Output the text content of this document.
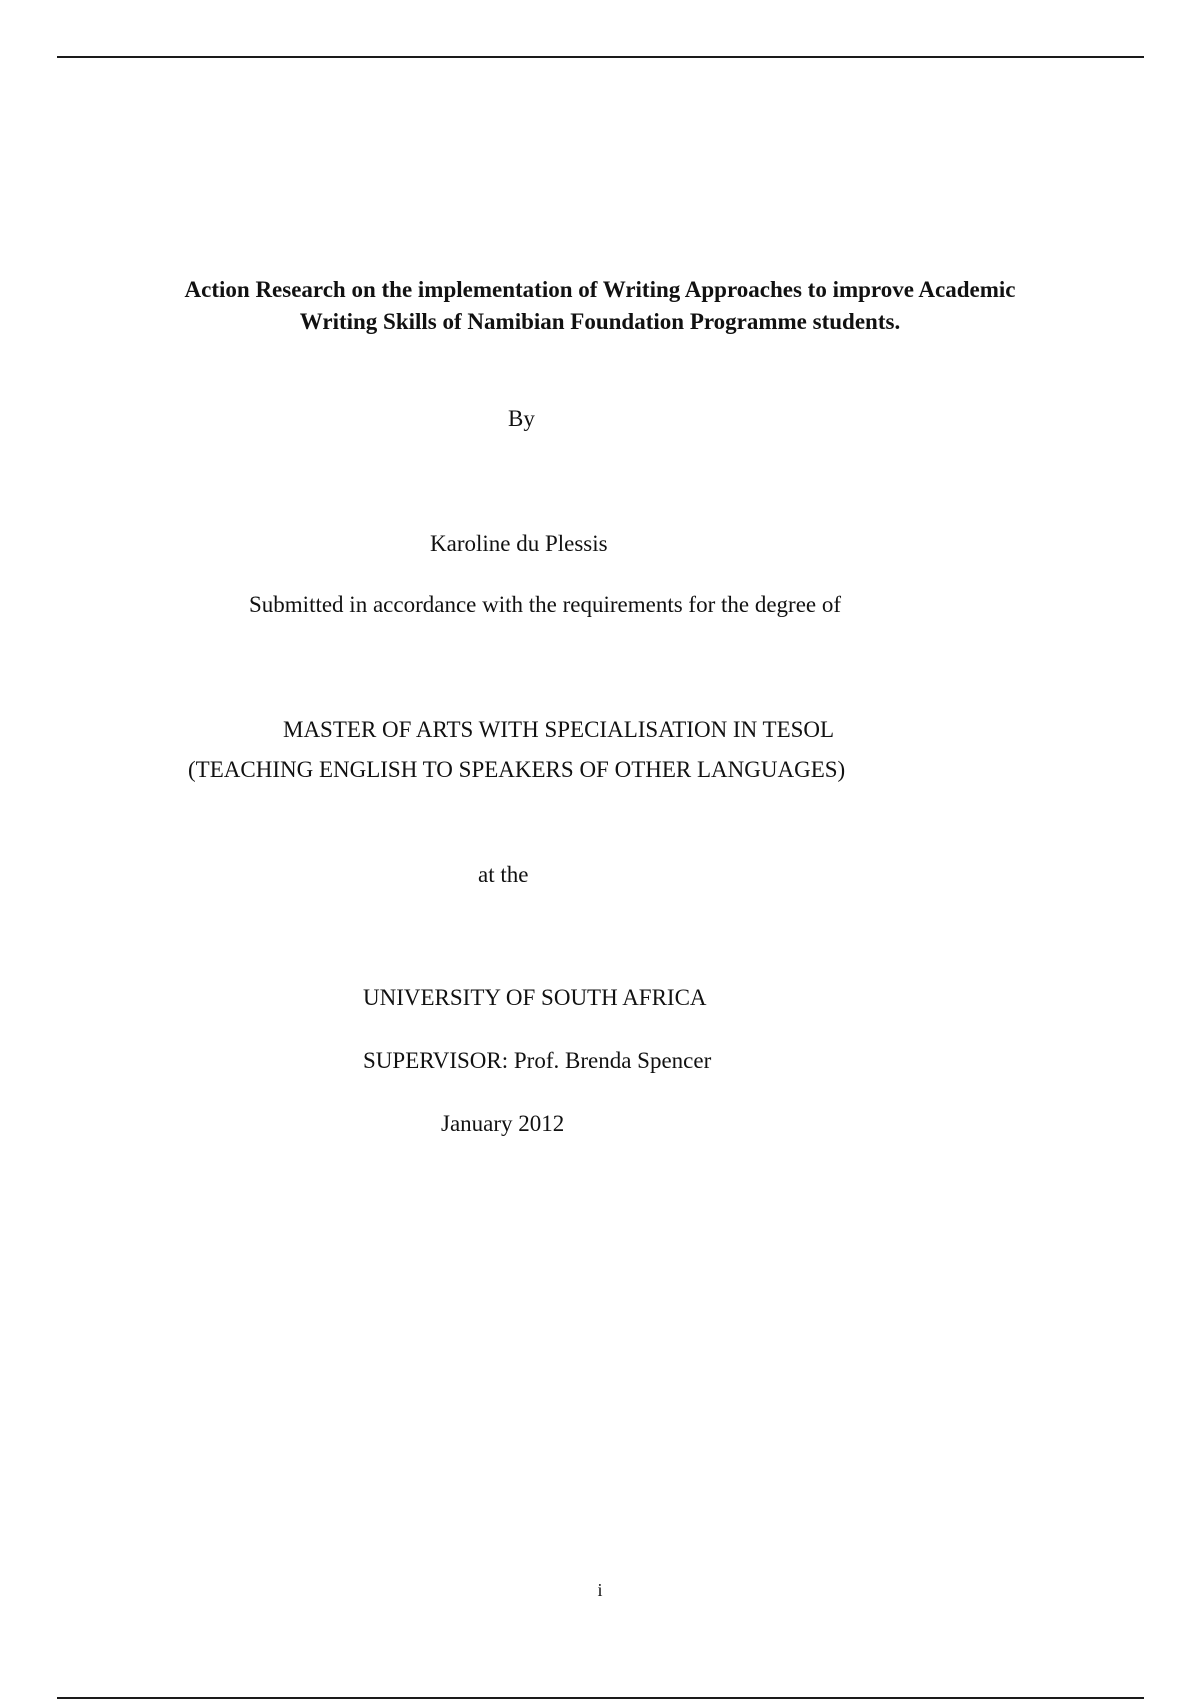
Action Research on the implementation of Writing Approaches to improve Academic
Writing Skills of Namibian Foundation Programme students.
By
Karoline du Plessis
Submitted in accordance with the requirements for the degree of
MASTER OF ARTS WITH SPECIALISATION IN TESOL
(TEACHING ENGLISH TO SPEAKERS OF OTHER LANGUAGES)
at the
UNIVERSITY OF SOUTH AFRICA
SUPERVISOR: Prof. Brenda Spencer
January 2012
i
